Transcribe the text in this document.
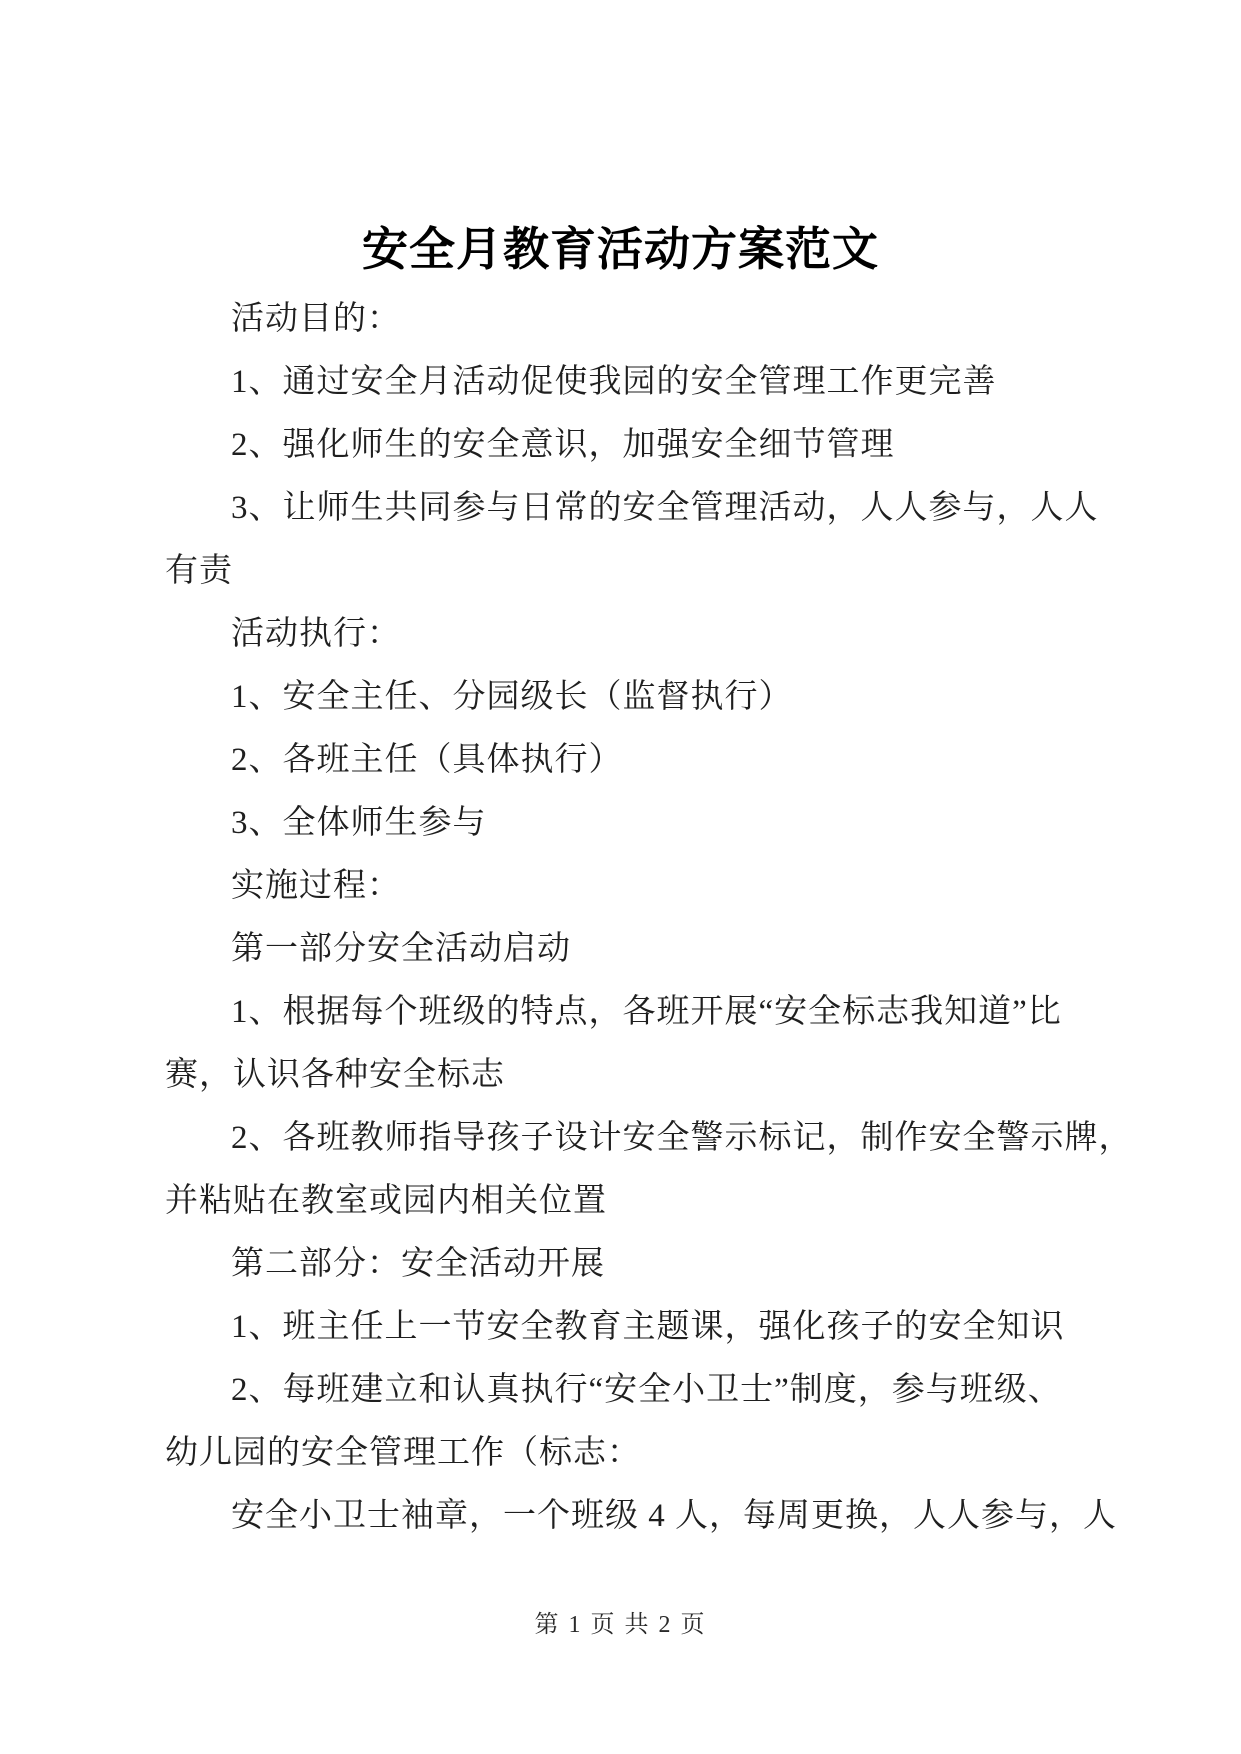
安全月教育活动方案范文
活动目的：
1、通过安全月活动促使我园的安全管理工作更完善
2、强化师生的安全意识，加强安全细节管理
3、让师生共同参与日常的安全管理活动，人人参与，人人
有责
活动执行：
1、安全主任、分园级长（监督执行）
2、各班主任（具体执行）
3、全体师生参与
实施过程：
第一部分安全活动启动
1、根据每个班级的特点，各班开展“安全标志我知道”比
赛，认识各种安全标志
2、各班教师指导孩子设计安全警示标记，制作安全警示牌，
并粘贴在教室或园内相关位置
第二部分：安全活动开展
1、班主任上一节安全教育主题课，强化孩子的安全知识
2、每班建立和认真执行“安全小卫士”制度，参与班级、
幼儿园的安全管理工作（标志：
安全小卫士袖章，一个班级 4 人，每周更换，人人参与，人
第 1 页 共 2 页
